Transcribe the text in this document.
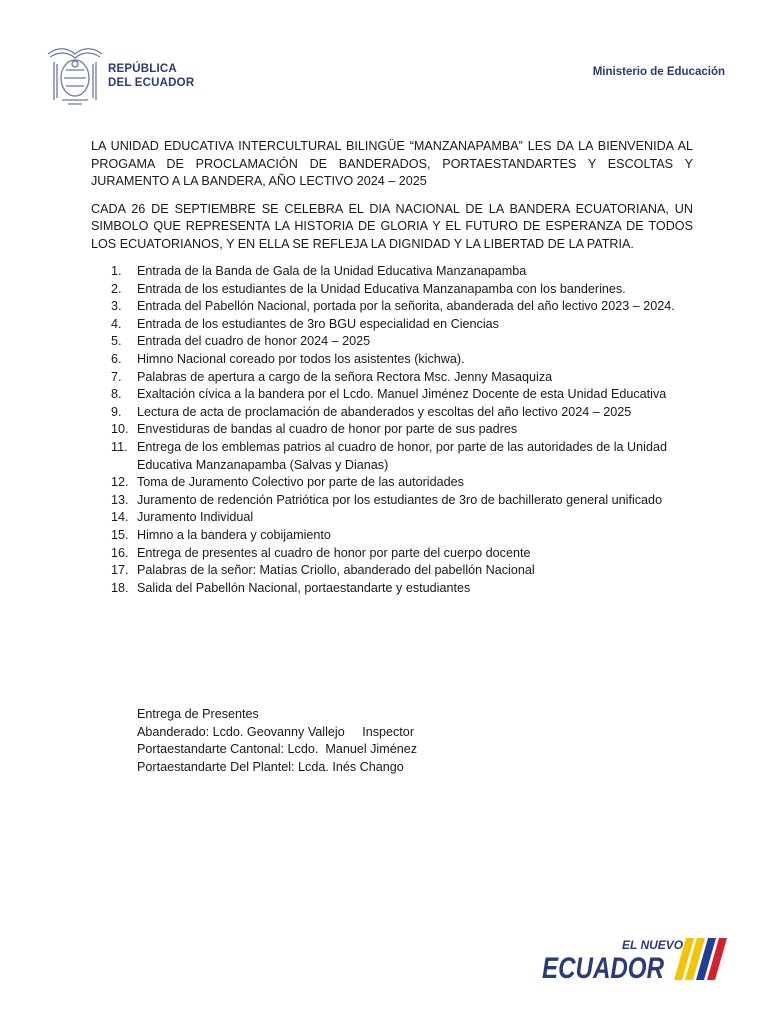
REPÚBLICA
DEL ECUADOR
Ministerio de Educación

LA UNIDAD EDUCATIVA INTERCULTURAL BILINGÜE “MANZANAPAMBA” LES DA LA BIENVENIDA AL PROGAMA DE PROCLAMACIÓN DE BANDERADOS, PORTAESTANDARTES Y ESCOLTAS Y JURAMENTO A LA BANDERA, AÑO LECTIVO 2024 – 2025

CADA 26 DE SEPTIEMBRE SE CELEBRA EL DIA NACIONAL DE LA BANDERA ECUATORIANA, UN SIMBOLO QUE REPRESENTA LA HISTORIA DE GLORIA Y EL FUTURO DE ESPERANZA DE TODOS LOS ECUATORIANOS, Y EN ELLA SE REFLEJA LA DIGNIDAD Y LA LIBERTAD DE LA PATRIA.

1.	Entrada de la Banda de Gala de la Unidad Educativa Manzanapamba
2.	Entrada de los estudiantes de la Unidad Educativa Manzanapamba con los banderines.
3.	Entrada del Pabellón Nacional, portada por la señorita, abanderada del año lectivo 2023 – 2024.
4.	Entrada de los estudiantes de 3ro BGU especialidad en Ciencias
5.	Entrada del cuadro de honor 2024 – 2025
6.	Himno Nacional coreado por todos los asistentes (kichwa).
7.	Palabras de apertura a cargo de la señora Rectora Msc. Jenny Masaquiza
8.	Exaltación cívica a la bandera por el Lcdo. Manuel Jiménez Docente de esta Unidad Educativa
9.	Lectura de acta de proclamación de abanderados y escoltas del año lectivo 2024 – 2025
10. Envestiduras de bandas al cuadro de honor por parte de sus padres
11. Entrega de los emblemas patrios al cuadro de honor, por parte de las autoridades de la Unidad Educativa Manzanapamba (Salvas y Dianas)
12. Toma de Juramento Colectivo por parte de las autoridades
13. Juramento de redención Patriótica por los estudiantes de 3ro de bachillerato general unificado
14. Juramento Individual
15. Himno a la bandera y cobijamiento
16. Entrega de presentes al cuadro de honor por parte del cuerpo docente
17. Palabras de la señor: Matías Criollo, abanderado del pabellón Nacional
18. Salida del Pabellón Nacional, portaestandarte y estudiantes
Entrega de Presentes
Abanderado: Lcdo. Geovanny Vallejo     Inspector
Portaestandarte Cantonal: Lcdo.  Manuel Jiménez
Portaestandarte Del Plantel: Lcda. Inés Chango
EL NUEVO
ECUADOR
